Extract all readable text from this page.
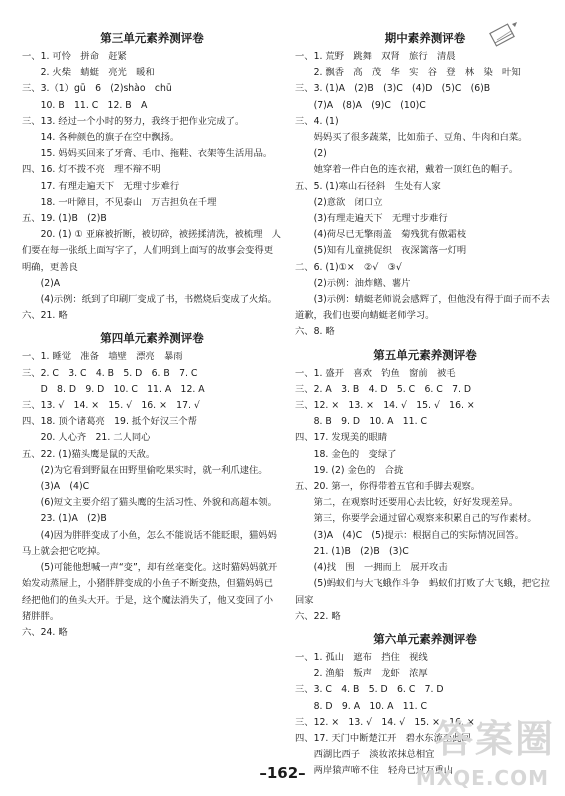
第三单元素养测评卷
一、1. 可怜　拼命　赶紧
　　2. 火柴　蜻蜓　亮光　暖和
三、3.（1）gū　6　(2)shào　chū
　　10. B　11. C　12. B　A
三、13. 经过一个小时的努力，我终于把作业完成了。
　　14. 各种颜色的旗子在空中飘扬。
　　15. 妈妈买回来了牙膏、毛巾、拖鞋、衣架等生活用品。
四、16. 灯不拨不亮　理不辩不明
　　17. 有理走遍天下　无理寸步难行
　　18. 一叶障目，不见泰山　万吉担负在千埋
五、19. (1)B　(2)B
　　20. (1) ① 亚麻被折断，被切碎，被搓揉清洗，被梳理　人们要在每一张纸上面写字了，人们明到上面写的故事会变得更明确，更善良
　　(2)A
　　(4)示例：纸到了印刷厂变成了书，书燃烧后变成了火焰。
六、21. 略
第四单元素养测评卷
一、1. 睡觉　准备　墙壁　漂亮　暴雨
三、2. C　3. C　4. B　5. D　6. B　7. C
　　D　8. D　9. D　10. C　11. A　12. A
三、13. √　14. ×　15. √　16. ×　17. √
四、18. 顶个诸葛亮　19. 抵个好汉三个帮
　　20. 人心齐　21. 二人同心
五、22. (1)猫头鹰是鼠的天敌。
　　(2)为它看到野鼠在田野里偷吃果实时，就一利爪逮住。
　　(3)A　(4)C
　　(6)短文主要介绍了猫头鹰的生活习性、外貌和高超本领。
　　23. (1)A　(2)B
　　(4)因为胖胖变成了小鱼，怎么不能说话不能眨眼，猫妈妈马上就会把它吃掉。
　　(5)可能他想喊一声“变”，却有丝毫变化。这时猫妈妈就开始发动蒸屉上，小猪胖胖变成的小鱼子不断变热，但猫妈妈已经把他们的鱼头大开。于是，这个魔法消失了，他又变回了小猪胖胖。
六、24. 略
期中素养测评卷
一、1. 荒野　跳舞　双肾　旅行　清晨
　　2. 飘香　高　茂　华　实　谷　登　林　染　叶知
三、3. (1)A　(2)B　(3)C　(4)D　(5)C　(6)B
　　(7)A　(8)A　(9)C　(10)C
三、4. (1)
　　妈妈买了很多蔬菜，比如茄子、豆角、牛肉和白菜。
　　(2)
　　她穿着一件白色的连衣裙，戴着一顶红色的帽子。
五、5. (1)寒山石径斜　生处有人家
　　(2)意欲　闭口立
　　(3)有理走遍天下　无理寸步难行
　　(4)荷尽已无擎雨盖　菊残犹有傲霜枝
　　(5)知有儿童挑促织　夜深篱落一灯明
二、6. (1)①×　②√　③√
　　(2)示例：油炸鳝、薯片
　　(3)示例：蜻蜓老师说会感辉了，但他没有得于面子而不去道歉，我们也要向蜻蜓老师学习。
六、8. 略
第五单元素养测评卷
一、1. 盛开　喜欢　钓鱼　窗前　被毛
三、2. A　3. B　4. D　5. C　6. C　7. D
三、12. ×　13. ×　14. √　15. √　16. ×
　　8. B　9. D　10. A　11. C
四、17. 发现美的眼睛
　　18. 金色的　变绿了
　　19. (2) 金色的　合拢
五、20. 第一，你得带着五官和手脚去观察。
　　第二，在观察时还要用心去比较，好好发现差异。
　　第三，你要学会通过留心观察来积累自己的写作素材。
　　(3)A　(4)C　(5)提示：根据自己的实际情况回答。
　　21. (1)B　(2)B　(3)C
　　(4)找　围　一拥而上　展开攻击
　　(5)蚂蚁们与大飞蛾作斗争　蚂蚁们打败了大飞蛾，把它拉回家
六、22. 略
第六单元素养测评卷
一、1. 孤山　遮布　挡住　视线
　　2. 渔船　叛声　龙虾　浓厚
三、3. C　4. B　5. D　6. C　7. D
　　8. D　9. A　10. A　11. C
三、12. ×　13. √　14. √　15. ×　16. ×
四、17. 天门中断楚江开　碧水东流至此回
　　西湖比西子　淡妆浓抹总相宜
　　两岸猿声啼不住　轻舟已过万重山
–162–
答案圈
MXQE.COM
